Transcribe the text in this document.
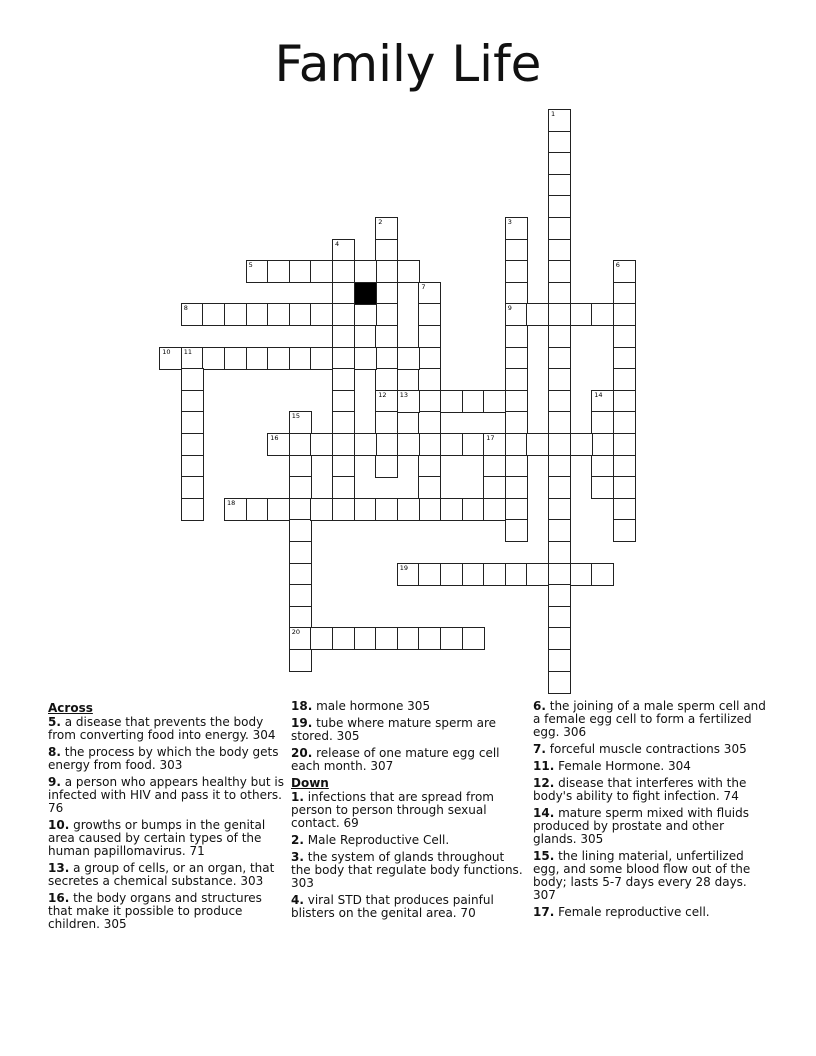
Family Life
1
2
12
3
9
4
5	6
7
8
10 11
13	14
15
20
16	17
18
19
Across
5. a disease that prevents the body from converting food into energy. 304
8. the process by which the body gets energy from food. 303
9. a person who appears healthy but is infected with HIV and pass it to others. 76
10. growths or bumps in the genital area caused by certain types of the human papillomavirus. 71
13. a group of cells, or an organ, that secretes a chemical substance. 303
16. the body organs and structures that make it possible to produce children. 305
18. male hormone 305
19. tube where mature sperm are stored. 305
20. release of one mature egg cell each month. 307
Down
1. infections that are spread from person to person through sexual contact. 69
2. Male Reproductive Cell.
3. the system of glands throughout the body that regulate body functions. 303
4. viral STD that produces painful blisters on the genital area. 70
6. the joining of a male sperm cell and a female egg cell to form a fertilized egg. 306
7. forceful muscle contractions 305
11. Female Hormone. 304
12. disease that interferes with the body's ability to fight infection. 74
14. mature sperm mixed with fluids produced by prostate and other glands. 305
15. the lining material, unfertilized egg, and some blood flow out of the body; lasts 5-7 days every 28 days. 307
17. Female reproductive cell.
